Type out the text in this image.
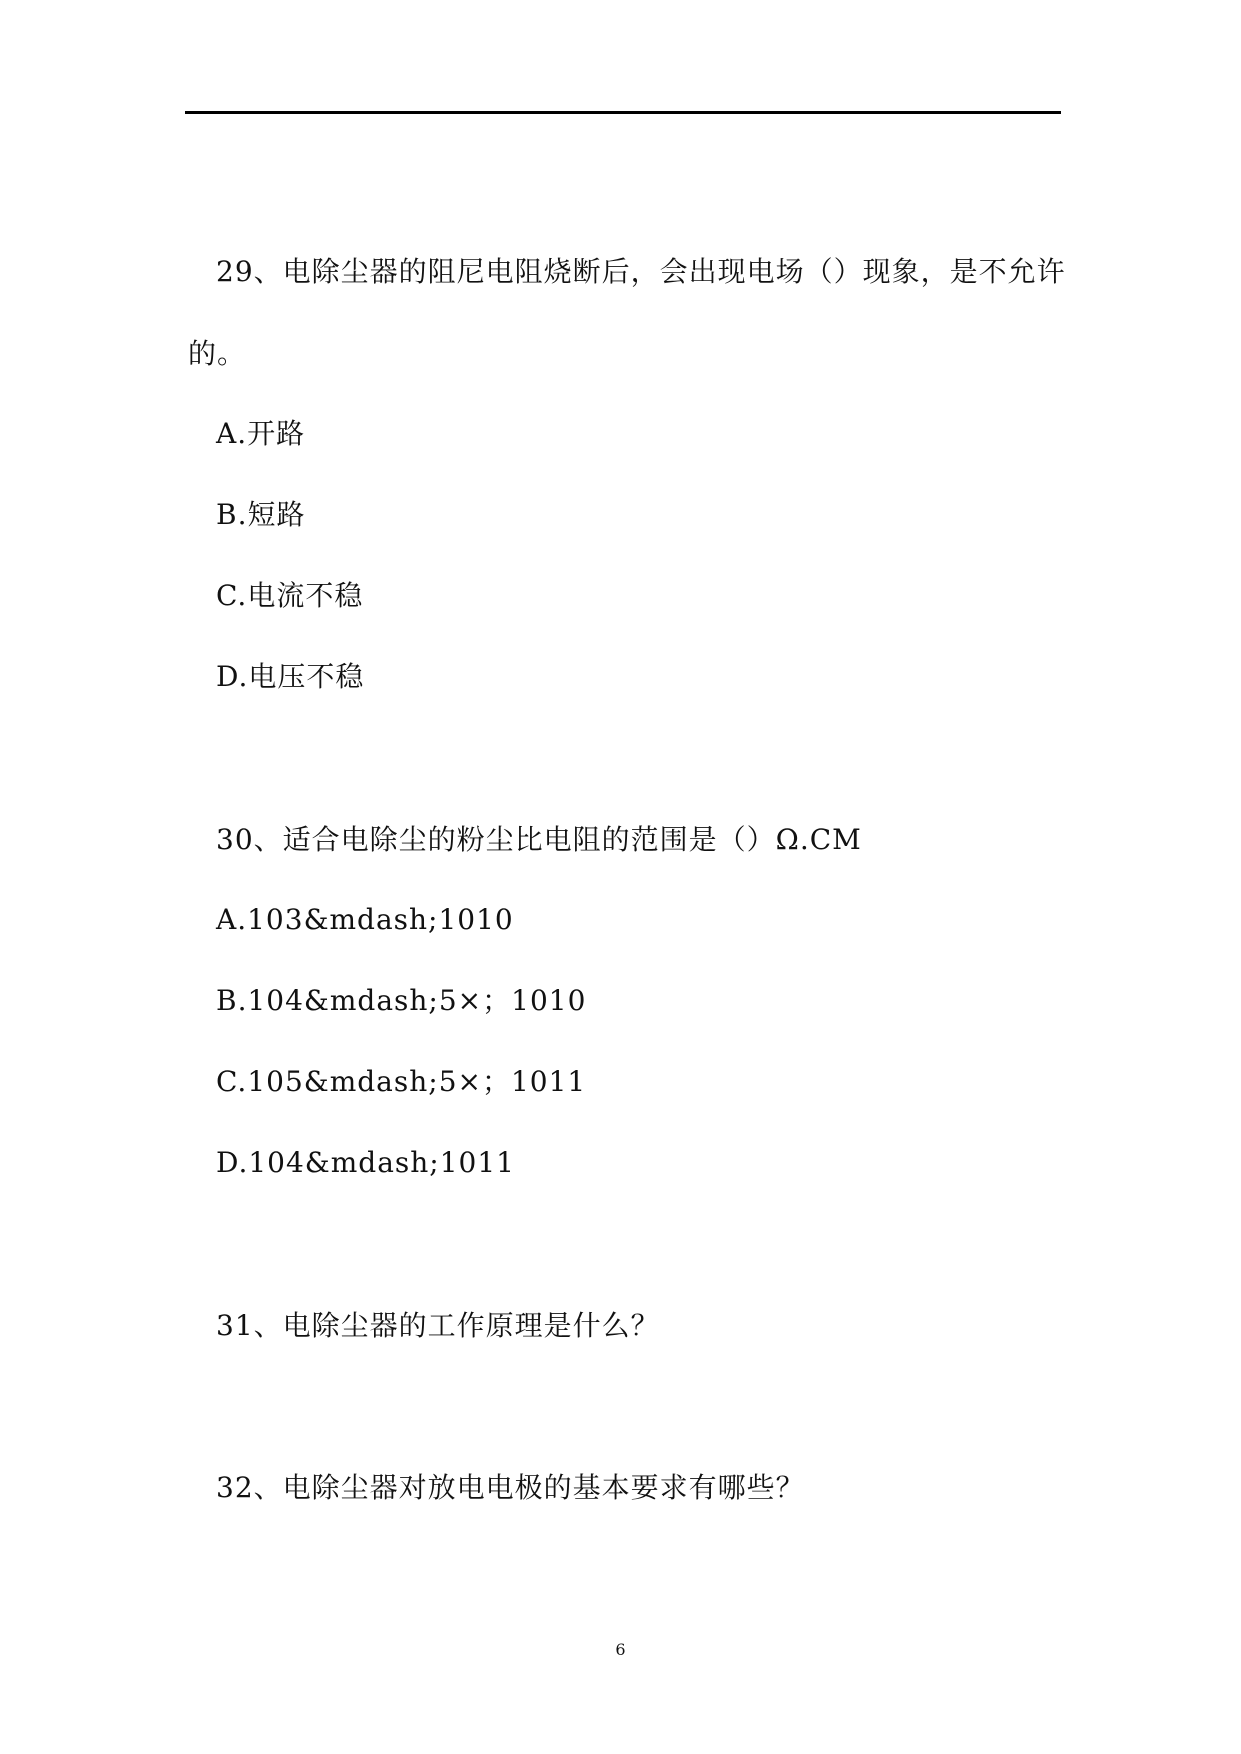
29、电除尘器的阻尼电阻烧断后，会出现电场（）现象，是不允许
的。
A.开路
B.短路
C.电流不稳
D.电压不稳
30、适合电除尘的粉尘比电阻的范围是（）Ω.CM
A.103&mdash;1010
B.104&mdash;5×；1010
C.105&mdash;5×；1011
D.104&mdash;1011
31、电除尘器的工作原理是什么？
32、电除尘器对放电电极的基本要求有哪些？
6
